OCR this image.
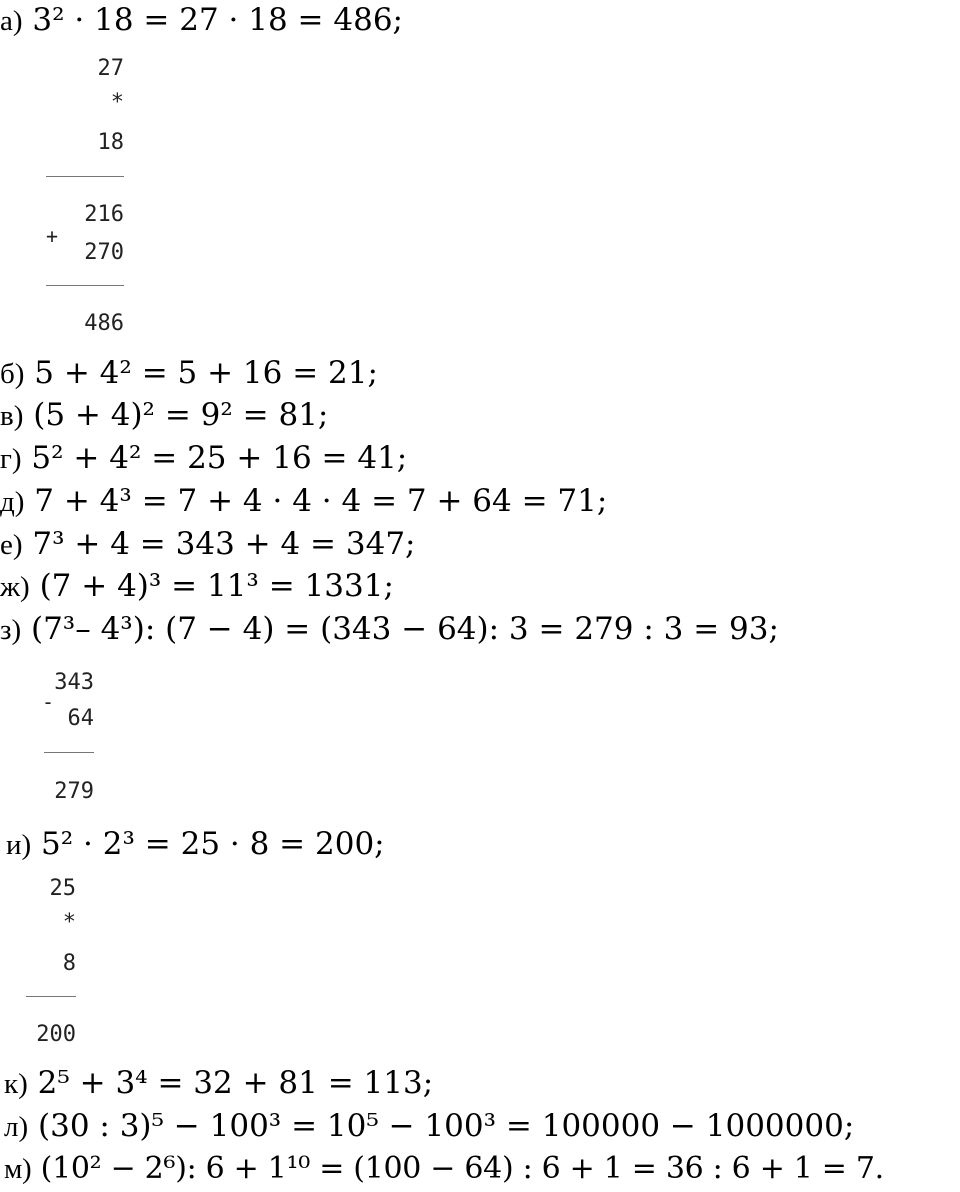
а) 3² · 18 = 27 · 18 = 486;
27
*
18
216
+
270
486
б) 5 + 4² = 5 + 16 = 21;
в) (5 + 4)² = 9² = 81;
г) 5² + 4² = 25 + 16 = 41;
д) 7 + 4³ = 7 + 4 · 4 · 4 = 7 + 64 = 71;
е) 7³ + 4 = 343 + 4 = 347;
ж) (7 + 4)³ = 11³ = 1331;
з) (7³– 4³): (7 − 4) = (343 − 64): 3 = 279 : 3 = 93;
343
-
64
279
и) 5² · 2³ = 25 · 8 = 200;
25
*
8
200
к) 2⁵ + 3⁴ = 32 + 81 = 113;
л) (30 : 3)⁵ − 100³ = 10⁵ − 100³ = 100000 − 1000000;
м) (10² − 2⁶): 6 + 1¹⁰ = (100 − 64) : 6 + 1 = 36 : 6 + 1 = 7.
